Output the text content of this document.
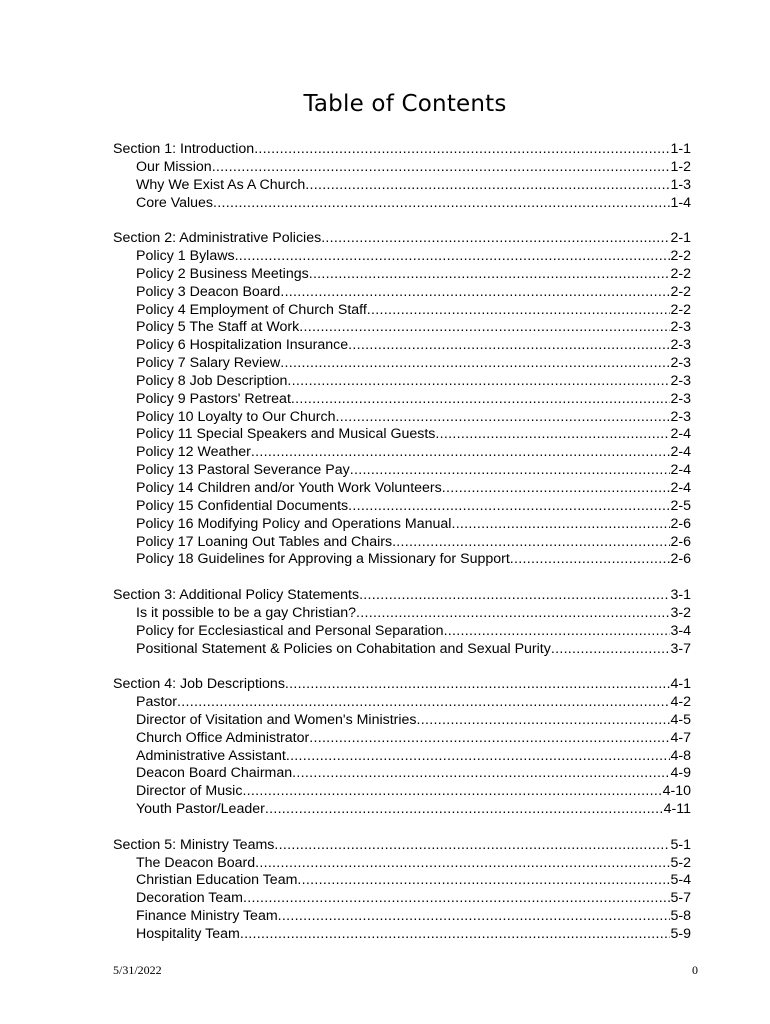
Table of Contents
Section 1: Introduction .....	1-1
Our Mission .....	1-2
Why We Exist As A Church .....	1-3
Core Values .....	1-4
Section 2: Administrative Policies .....	2-1
Policy 1 Bylaws .....	2-2
Policy 2 Business Meetings .....	2-2
Policy 3 Deacon Board .....	2-2
Policy 4 Employment of Church Staff .....	2-2
Policy 5 The Staff at Work .....	2-3
Policy 6 Hospitalization Insurance .....	2-3
Policy 7 Salary Review .....	2-3
Policy 8 Job Description .....	2-3
Policy 9 Pastors' Retreat .....	2-3
Policy 10 Loyalty to Our Church .....	2-3
Policy 11 Special Speakers and Musical Guests .....	2-4
Policy 12 Weather .....	2-4
Policy 13 Pastoral Severance Pay .....	2-4
Policy 14 Children and/or Youth Work Volunteers .....	2-4
Policy 15 Confidential Documents .....	2-5
Policy 16 Modifying Policy and Operations Manual .....	2-6
Policy 17 Loaning Out Tables and Chairs .....	2-6
Policy 18 Guidelines for Approving a Missionary for Support .....	2-6
Section 3: Additional Policy Statements .....	3-1
Is it possible to be a gay Christian? .....	3-2
Policy for Ecclesiastical and Personal Separation .....	3-4
Positional Statement & Policies on Cohabitation and Sexual Purity .....	3-7
Section 4: Job Descriptions .....	4-1
Pastor .....	4-2
Director of Visitation and Women's Ministries .....	4-5
Church Office Administrator .....	4-7
Administrative Assistant .....	4-8
Deacon Board Chairman .....	4-9
Director of Music .....	4-10
Youth Pastor/Leader .....	4-11
Section 5: Ministry Teams .....	5-1
The Deacon Board .....	5-2
Christian Education Team .....	5-4
Decoration Team .....	5-7
Finance Ministry Team .....	5-8
Hospitality Team .....	5-9
5/31/2022	0
